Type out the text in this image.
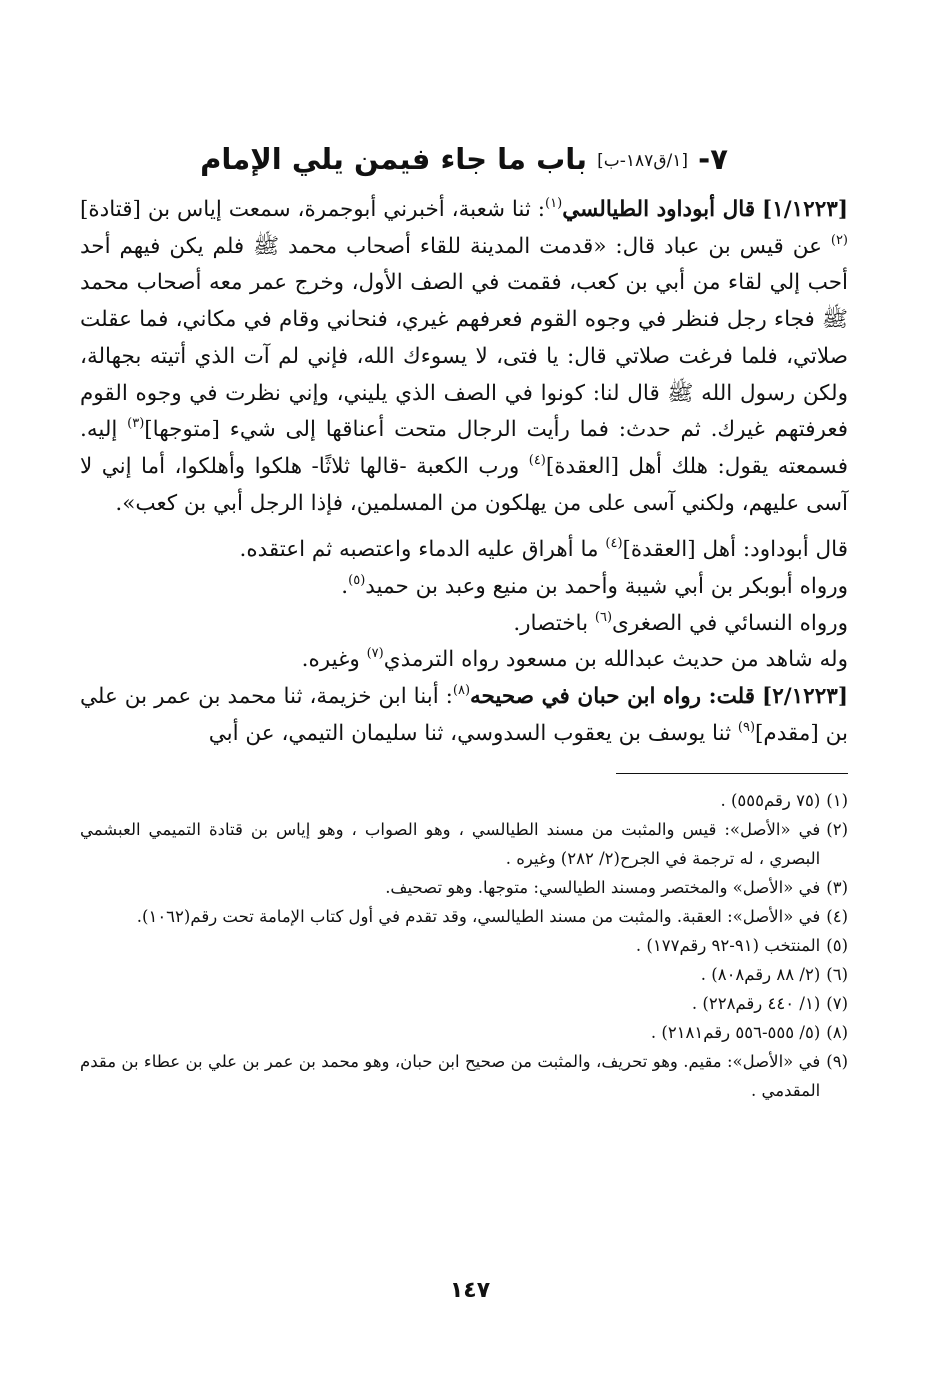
٧- [١/ق١٨٧-ب] باب ما جاء فيمن يلي الإمام

[١/١٢٢٣] قال أبوداود الطيالسي$^{(١)}$: ثنا شعبة، أخبرني أبوجمرة، سمعت إياس بن [قتادة]$^{(٢)}$ عن قيس بن عباد قال: «قدمت المدينة للقاء أصحاب محمد ﷺ فلم يكن فيهم أحد أحب إلي لقاء من أبي بن كعب، فقمت في الصف الأول، وخرج عمر معه أصحاب محمد ﷺ فجاء رجل فنظر في وجوه القوم فعرفهم غيري، فنحاني وقام في مكاني، فما عقلت صلاتي، فلما فرغت صلاتي قال: يا فتى، لا يسوءك الله، فإني لم آت الذي أتيته بجهالة، ولكن رسول الله ﷺ قال لنا: كونوا في الصف الذي يليني، وإني نظرت في وجوه القوم فعرفتهم غيرك. ثم حدث: فما رأيت الرجال متحت أعناقها إلى شيء [متوجها]$^{(٣)}$ إليه. فسمعته يقول: هلك أهل [العقدة]$^{(٤)}$ ورب الكعبة -قالها ثلاثًا- هلكوا وأهلكوا، أما إني لا آسى عليهم، ولكني آسى على من يهلكون من المسلمين، فإذا الرجل أبي بن كعب».

قال أبوداود: أهل [العقدة]$^{(٤)}$ ما أهراق عليه الدماء واعتصبه ثم اعتقده.

ورواه أبوبكر بن أبي شيبة وأحمد بن منيع وعبد بن حميد$^{(٥)}$.

ورواه النسائي في الصغرى$^{(٦)}$ باختصار.

وله شاهد من حديث عبدالله بن مسعود رواه الترمذي$^{(٧)}$ وغيره.

[٢/١٢٢٣] قلت: رواه ابن حبان في صحيحه$^{(٨)}$: أبنا ابن خزيمة، ثنا محمد بن عمر بن علي بن [مقدم]$^{(٩)}$ ثنا يوسف بن يعقوب السدوسي، ثنا سليمان التيمي، عن أبي

(١)
(٧٥ رقم٥٥٥) .
(٢)
في «الأصل»: قيس والمثبت من مسند الطيالسي ، وهو الصواب ، وهو إياس بن قتادة التميمي العبشمي البصري ، له ترجمة في الجرح(٢/ ٢٨٢) وغيره .
(٣)
في «الأصل» والمختصر ومسند الطيالسي: متوجها. وهو تصحيف.
(٤)
في «الأصل»: العقبة. والمثبت من مسند الطيالسي، وقد تقدم في أول كتاب الإمامة تحت رقم(١٠٦٢).
(٥)
المنتخب (٩١-٩٢ رقم١٧٧) .
(٦)
(٢/ ٨٨ رقم٨٠٨) .
(٧)
(١/ ٤٤٠ رقم٢٢٨) .
(٨)
(٥/ ٥٥٥-٥٥٦ رقم٢١٨١) .
(٩)
في «الأصل»: مقيم. وهو تحريف، والمثبت من صحيح ابن حبان، وهو محمد بن عمر بن علي بن عطاء بن مقدم المقدمي .
١٤٧
